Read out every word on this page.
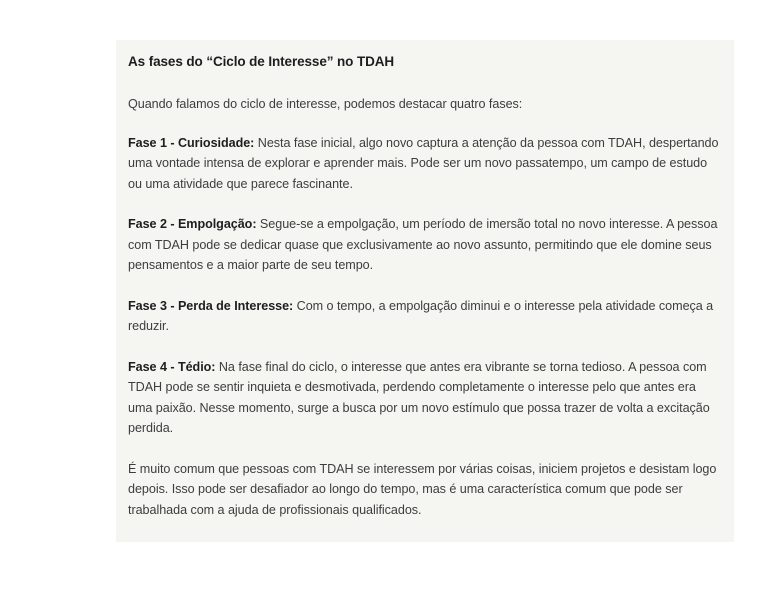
As fases do “Ciclo de Interesse” no TDAH

Quando falamos do ciclo de interesse, podemos destacar quatro fases:

Fase 1 - Curiosidade: Nesta fase inicial, algo novo captura a atenção da pessoa com TDAH, despertando uma vontade intensa de explorar e aprender mais. Pode ser um novo passatempo, um campo de estudo ou uma atividade que parece fascinante.

Fase 2 - Empolgação: Segue-se a empolgação, um período de imersão total no novo interesse. A pessoa com TDAH pode se dedicar quase que exclusivamente ao novo assunto, permitindo que ele domine seus pensamentos e a maior parte de seu tempo.

Fase 3 - Perda de Interesse: Com o tempo, a empolgação diminui e o interesse pela atividade começa a reduzir.

Fase 4 - Tédio: Na fase final do ciclo, o interesse que antes era vibrante se torna tedioso. A pessoa com TDAH pode se sentir inquieta e desmotivada, perdendo completamente o interesse pelo que antes era uma paixão. Nesse momento, surge a busca por um novo estímulo que possa trazer de volta a excitação perdida.

É muito comum que pessoas com TDAH se interessem por várias coisas, iniciem projetos e desistam logo depois. Isso pode ser desafiador ao longo do tempo, mas é uma característica comum que pode ser trabalhada com a ajuda de profissionais qualificados.
